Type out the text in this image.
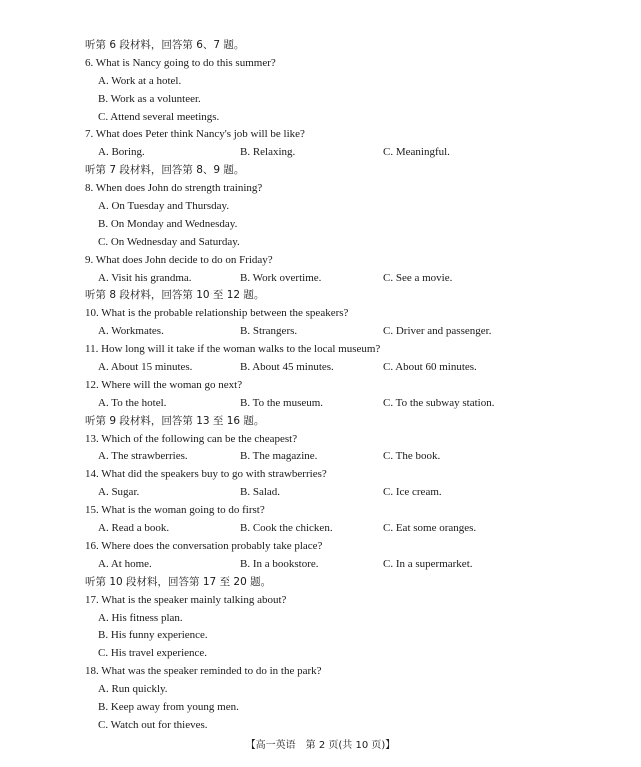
听第 6 段材料，回答第 6、7 题。
6. What is Nancy going to do this summer?
A. Work at a hotel.
B. Work as a volunteer.
C. Attend several meetings.
7. What does Peter think Nancy's job will be like?
A. Boring.	B. Relaxing.	C. Meaningful.
听第 7 段材料，回答第 8、9 题。
8. When does John do strength training?
A. On Tuesday and Thursday.
B. On Monday and Wednesday.
C. On Wednesday and Saturday.
9. What does John decide to do on Friday?
A. Visit his grandma.	B. Work overtime.	C. See a movie.
听第 8 段材料，回答第 10 至 12 题。
10. What is the probable relationship between the speakers?
A. Workmates.	B. Strangers.	C. Driver and passenger.
11. How long will it take if the woman walks to the local museum?
A. About 15 minutes.	B. About 45 minutes.	C. About 60 minutes.
12. Where will the woman go next?
A. To the hotel.	B. To the museum.	C. To the subway station.
听第 9 段材料，回答第 13 至 16 题。
13. Which of the following can be the cheapest?
A. The strawberries.	B. The magazine.	C. The book.
14. What did the speakers buy to go with strawberries?
A. Sugar.	B. Salad.	C. Ice cream.
15. What is the woman going to do first?
A. Read a book.	B. Cook the chicken.	C. Eat some oranges.
16. Where does the conversation probably take place?
A. At home.	B. In a bookstore.	C. In a supermarket.
听第 10 段材料，回答第 17 至 20 题。
17. What is the speaker mainly talking about?
A. His fitness plan.
B. His funny experience.
C. His travel experience.
18. What was the speaker reminded to do in the park?
A. Run quickly.
B. Keep away from young men.
C. Watch out for thieves.
【高一英语　第 2 页(共 10 页)】
